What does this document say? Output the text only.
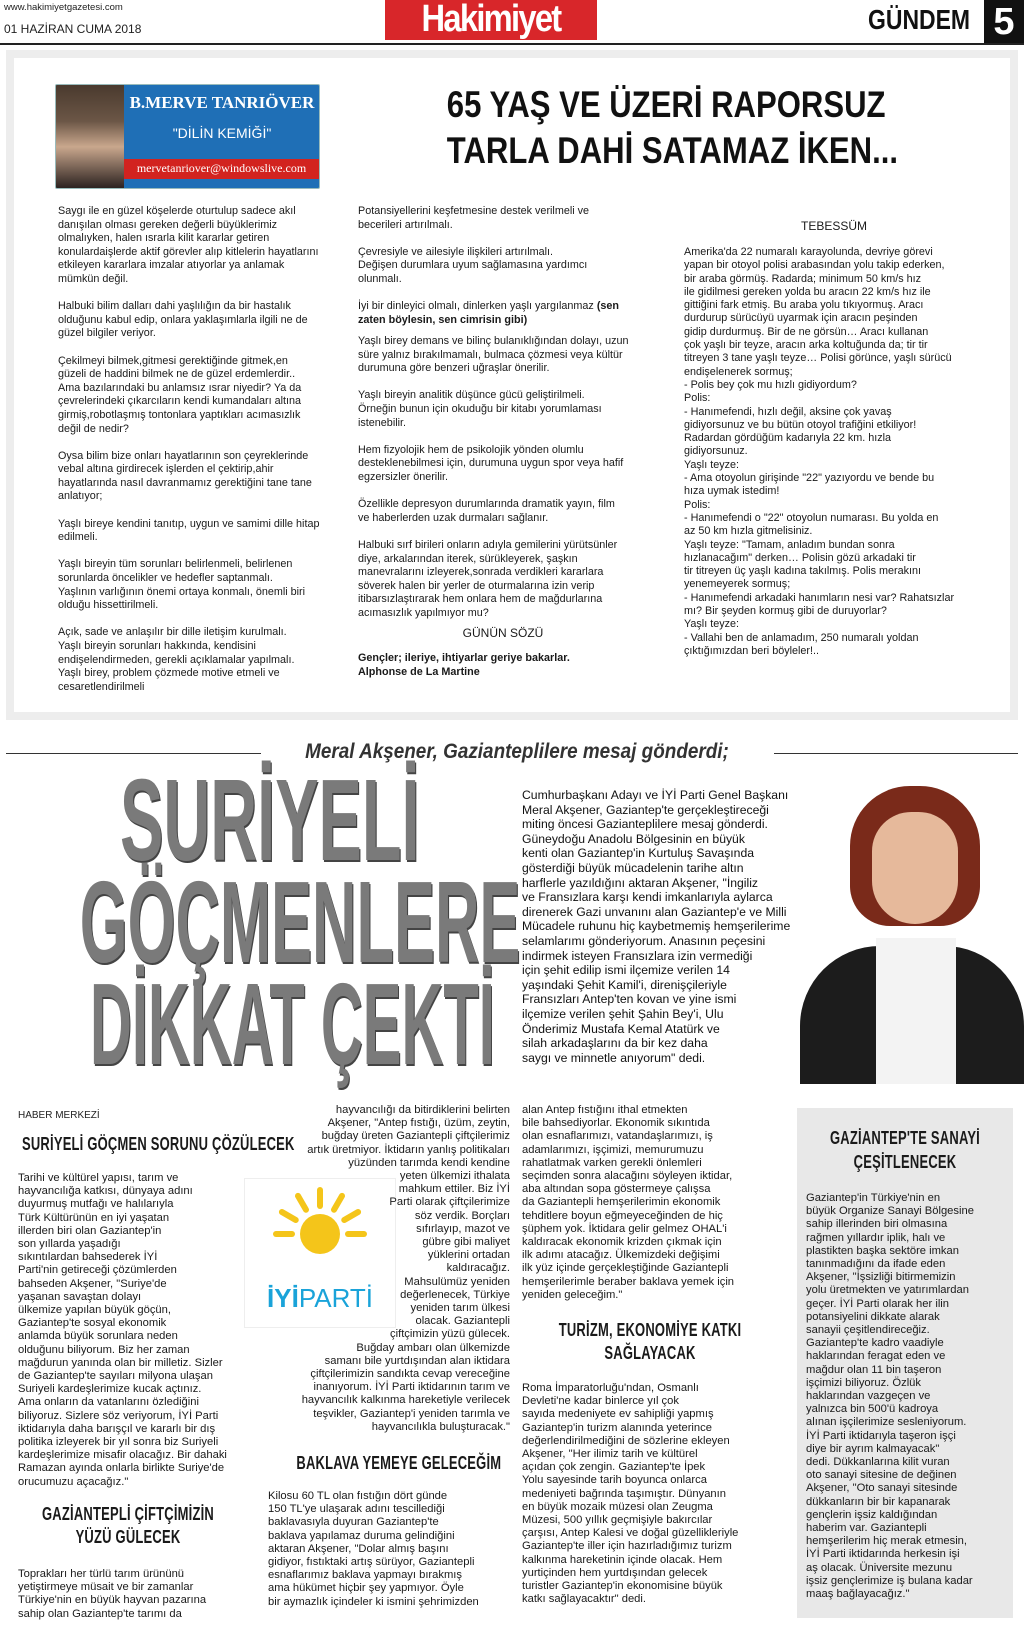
www.hakimiyetgazetesi.com
01 HAZİRAN CUMA 2018	Hakimiyet	GÜNDEM 5
B.MERVE TANRIÖVER
"DİLİN KEMİĞİ"
mervetanriover@windowslive.com
65 YAŞ VE ÜZERİ RAPORSUZ
TARLA DAHİ SATAMAZ İKEN...
Saygı ile en güzel köşelerde oturtulup sadece akıl
danışılan olması gereken değerli büyüklerimiz
olmalıyken, halen ısrarla kilit kararlar getiren
konulardaişlerde aktif görevler alıp kitlelerin hayatlarını
etkileyen kararlara imzalar atıyorlar ya anlamak
mümkün değil.

Halbuki bilim dalları dahi yaşlılığın da bir hastalık
olduğunu kabul edip, onlara yaklaşımlarla ilgili ne de
güzel bilgiler veriyor.

Çekilmeyi bilmek,gitmesi gerektiğinde gitmek,en
güzeli de haddini bilmek ne de güzel erdemlerdir..
Ama bazılarındaki bu anlamsız ısrar niyedir? Ya da
çevrelerindeki çıkarcıların kendi kumandaları altına
girmiş,robotlaşmış tontonlara yaptıkları acımasızlık
değil de nedir?

Oysa bilim bize onları hayatlarının son çeyreklerinde
vebal altına girdirecek işlerden el çektirip,ahir
hayatlarında nasıl davranmamız gerektiğini tane tane
anlatıyor;

Yaşlı bireye kendini tanıtıp, uygun ve samimi dille hitap
edilmeli.

Yaşlı bireyin tüm sorunları belirlenmeli, belirlenen
sorunlarda öncelikler ve hedefler saptanmalı.
Yaşlının varlığının önemi ortaya konmalı, önemli biri
olduğu hissettirilmeli.

Açık, sade ve anlaşılır bir dille iletişim kurulmalı.
Yaşlı bireyin sorunları hakkında, kendisini
endişelendirmeden, gerekli açıklamalar yapılmalı.
Yaşlı birey, problem çözmede motive etmeli ve
cesaretlendirilmeli
Potansiyellerini keşfetmesine destek verilmeli ve
becerileri artırılmalı.

Çevresiyle ve ailesiyle ilişkileri artırılmalı.
Değişen durumlara uyum sağlamasına yardımcı
olunmalı.

İyi bir dinleyici olmalı, dinlerken yaşlı yargılanmaz (sen
zaten böylesin, sen cimrisin gibi)
Yaşlı birey demans ve bilinç bulanıklığından dolayı, uzun
süre yalnız bırakılmamalı, bulmaca çözmesi veya kültür
durumuna göre benzeri uğraşlar önerilir.

Yaşlı bireyin analitik düşünce gücü geliştirilmeli.
Örneğin bunun için okuduğu bir kitabı yorumlaması
istenebilir.

Hem fizyolojik hem de psikolojik yönden olumlu
desteklenebilmesi için, durumuna uygun spor veya hafif
egzersizler önerilir.

Özellikle depresyon durumlarında dramatik yayın, film
ve haberlerden uzak durmaları sağlanır.

Halbuki sırf birileri onların adıyla gemilerini yürütsünler
diye, arkalarından iterek, sürükleyerek, şaşkın
manevralarını izleyerek,sonrada verdikleri kararlara
söverek halen bir yerler de oturmalarına izin verip
itibarsızlaştırarak hem onlara hem de mağdurlarına
acımasızlık yapılmıyor mu?
GÜNÜN SÖZÜ
Gençler; ileriye, ihtiyarlar geriye bakarlar.
Alphonse de La Martine
TEBESSÜM
Amerika'da 22 numaralı karayolunda, devriye görevi
yapan bir otoyol polisi arabasından yolu takip ederken,
bir araba görmüş. Radarda; minimum 50 km/s hız
ile gidilmesi gereken yolda bu aracın 22 km/s hız ile
gittiğini fark etmiş. Bu araba yolu tıkıyormuş. Aracı
durdurup sürücüyü uyarmak için aracın peşinden
gidip durdurmuş. Bir de ne görsün… Aracı kullanan
çok yaşlı bir teyze, aracın arka koltuğunda da; tir tir
titreyen 3 tane yaşlı teyze… Polisi görünce, yaşlı sürücü
endişelenerek sormuş;
- Polis bey çok mu hızlı gidiyordum?
Polis:
- Hanımefendi, hızlı değil, aksine çok yavaş
gidiyorsunuz ve bu bütün otoyol trafiğini etkiliyor!
Radardan gördüğüm kadarıyla 22 km. hızla
gidiyorsunuz.
Yaşlı teyze:
- Ama otoyolun girişinde "22" yazıyordu ve bende bu
hıza uymak istedim!
Polis:
- Hanımefendi o "22" otoyolun numarası. Bu yolda en
az 50 km hızla gitmelisiniz.
Yaşlı teyze: "Tamam, anladım bundan sonra
hızlanacağım" derken… Polisin gözü arkadaki tir
tir titreyen üç yaşlı kadına takılmış. Polis merakını
yenemeyerek sormuş;
- Hanımefendi arkadaki hanımların nesi var? Rahatsızlar
mı? Bir şeyden kormuş gibi de duruyorlar?
Yaşlı teyze:
- Vallahi ben de anlamadım, 250 numaralı yoldan
çıktığımızdan beri böyleler!..
Meral Akşener, Gaziantеplilere mesaj gönderdi;
SURİYELİ
GÖÇMENLERE
DİKKAT ÇEKTİ
Cumhurbaşkanı Adayı ve İYİ Parti Genel Başkanı
Meral Akşener, Gaziantep'te gerçekleştireceği
miting öncesi Gaziantеplilere mesaj gönderdi.
Güneydoğu Anadolu Bölgesinin en büyük
kenti olan Gaziantep'in Kurtuluş Savaşında
gösterdiği büyük mücadelenin tarihe altın
harflerle yazıldığını aktaran Akşener, "İngiliz
ve Fransızlara karşı kendi imkanlarıyla aylarca
direnerek Gazi unvanını alan Gaziantep'e ve Milli
Mücadele ruhunu hiç kaybetmemiş hemşerilerime
selamlarımı gönderiyorum. Anasının peçesini
indirmek isteyen Fransızlara izin vermediği
için şehit edilip ismi ilçemize verilen 14
yaşındaki Şehit Kamil'i, direnişçileriyle
Fransızları Antep'ten kovan ve yine ismi
ilçemize verilen şehit Şahin Bey'i, Ulu
Önderimiz Mustafa Kemal Atatürk ve
silah arkadaşlarını da bir kez daha
saygı ve minnetle anıyorum" dedi.
HABER MERKEZİ
SURİYELİ GÖÇMEN SORUNU ÇÖZÜLECEK
Tarihi ve kültürel yapısı, tarım ve
hayvancılığa katkısı, dünyaya adını
duyurmuş mutfağı ve halılarıyla
Türk Kültürünün en iyi yaşatan
illerden biri olan Gaziantep'in
son yıllarda yaşadığı
sıkıntılardan bahsederek İYİ
Parti'nin getireceği çözümlerden
bahseden Akşener, "Suriye'de
yaşanan savaştan dolayı
ülkemize yapılan büyük göçün,
Gaziantep'te sosyal ekonomik
anlamda büyük sorunlara neden
olduğunu biliyorum. Biz her zaman
mağdurun yanında olan bir milletiz. Sizler
de Gaziantep'te sayıları milyona ulaşan
Suriyeli kardeşlerimize kucak açtınız.
Ama onların da vatanlarını özlediğini
biliyoruz. Sizlere söz veriyorum, İYİ Parti
iktidarıyla daha barışçıl ve kararlı bir dış
politika izleyerek bir yıl sonra biz Suriyeli
kardeşlerimize misafir olacağız. Bir dahaki
Ramazan ayında onlarla birlikte Suriye'de
orucumuzu açacağız."
GAZİANTEPLİ ÇİFTÇİMİZİN
YÜZÜ GÜLECEK
Toprakları her türlü tarım ürününü
yetiştirmeye müsait ve bir zamanlar
Türkiye'nin en büyük hayvan pazarına
sahip olan Gaziantep'te tarımı da
İYİPARTİ
hayvancılığı da bitirdiklerini belirten
Akşener, "Antep fıstığı, üzüm, zeytin,
buğday üreten Gaziantepli çiftçilerimiz
artık üretmiyor. İktidarın yanlış politikaları
yüzünden tarımda kendi kendine
yeten ülkemizi ithalata
mahkum ettiler. Biz İYİ
Parti olarak çiftçilerimize
söz verdik. Borçları
sıfırlayıp, mazot ve
gübre gibi maliyet
yüklerini ortadan
kaldıracağız.
Mahsulümüz yeniden
değerlenecek, Türkiye
yeniden tarım ülkesi
olacak. Gaziantepli
çiftçimizin yüzü gülecek.
Buğday ambarı olan ülkemizde
samanı bile yurtdışından alan iktidara
çiftçilerimizin sandıkta cevap vereceğine
inanıyorum. İYİ Parti iktidarının tarım ve
hayvancılık kalkınma hareketiyle verilecek
teşvikler, Gaziantep'i yeniden tarımla ve
hayvancılıkla buluşturacak."
BAKLAVA YEMEYE GELECEĞİM
Kilosu 60 TL olan fıstığın dört günde
150 TL'ye ulaşarak adını tescillediği
baklavasıyla duyuran Gaziantep'te
baklava yapılamaz duruma gelindiğini
aktaran Akşener, "Dolar almış başını
gidiyor, fıstıktaki artış sürüyor, Gaziantepli
esnaflarımız baklava yapmayı bırakmış
ama hükümet hiçbir şey yapmıyor. Öyle
bir aymazlık içindeler ki ismini şehrimizden
alan Antep fıstığını ithal etmekten
bile bahsediyorlar. Ekonomik sıkıntıda
olan esnaflarımızı, vatandaşlarımızı, iş
adamlarımızı, işçimizi, memurumuzu
rahatlatmak varken gerekli önlemleri
seçimden sonra alacağını söyleyen iktidar,
aba altından sopa göstermeye çalışsa
da Gaziantepli hemşerilerimin ekonomik
tehditlere boyun eğmeyeceğinden de hiç
şüphem yok. İktidara gelir gelmez OHAL'i
kaldıracak ekonomik krizden çıkmak için
ilk adımı atacağız. Ülkemizdeki değişimi
ilk yüz içinde gerçekleştiğinde Gaziantepli
hemşerilerimle beraber baklava yemek için
yeniden geleceğim."
TURİZM, EKONOMİYE KATKI
SAĞLAYACAK
Roma İmparatorluğu'ndan, Osmanlı
Devleti'ne kadar binlerce yıl çok
sayıda medeniyete ev sahipliği yapmış
Gaziantep'in turizm alanında yeterince
değerlendirilmediğini de sözlerine ekleyen
Akşener, "Her ilimiz tarih ve kültürel
açıdan çok zengin. Gaziantep'te İpek
Yolu sayesinde tarih boyunca onlarca
medeniyeti bağrında taşımıştır. Dünyanın
en büyük mozaik müzesi olan Zeugma
Müzesi, 500 yıllık geçmişiyle bakırcılar
çarşısı, Antep Kalesi ve doğal güzellikleriyle
Gaziantep'te iller için hazırladığımız turizm
kalkınma hareketinin içinde olacak. Hem
yurtiçinden hem yurtdışından gelecek
turistler Gaziantep'in ekonomisine büyük
katkı sağlayacaktır" dedi.
GAZİANTEP'TE SANAYİ
ÇEŞİTLENECEK
Gaziantep'in Türkiye'nin en
büyük Organize Sanayi Bölgesine
sahip illerinden biri olmasına
rağmen yıllardır iplik, halı ve
plastikten başka sektöre imkan
tanınmadığını da ifade eden
Akşener, "İşsizliği bitirmemizin
yolu üretmekten ve yatırımlardan
geçer. İYİ Parti olarak her ilin
potansiyelini dikkate alarak
sanayii çeşitlendireceğiz.
Gaziantep'te kadro vaadiyle
haklarından feragat eden ve
mağdur olan 11 bin taşeron
işçimizi biliyoruz. Özlük
haklarından vazgeçen ve
yalnızca bin 500'ü kadroya
alınan işçilerimize sesleniyorum.
İYİ Parti iktidarıyla taşeron işçi
diye bir ayrım kalmayacak"
dedi. Dükkanlarına kilit vuran
oto sanayi sitesine de değinen
Akşener, "Oto sanayi sitesinde
dükkanların bir bir kapanarak
gençlerin işsiz kaldığından
haberim var. Gaziantepli
hemşerilerim hiç merak etmesin,
İYİ Parti iktidarında herkesin işi
aş olacak. Üniversite mezunu
işsiz gençlerimize iş bulana kadar
maaş bağlayacağız."
